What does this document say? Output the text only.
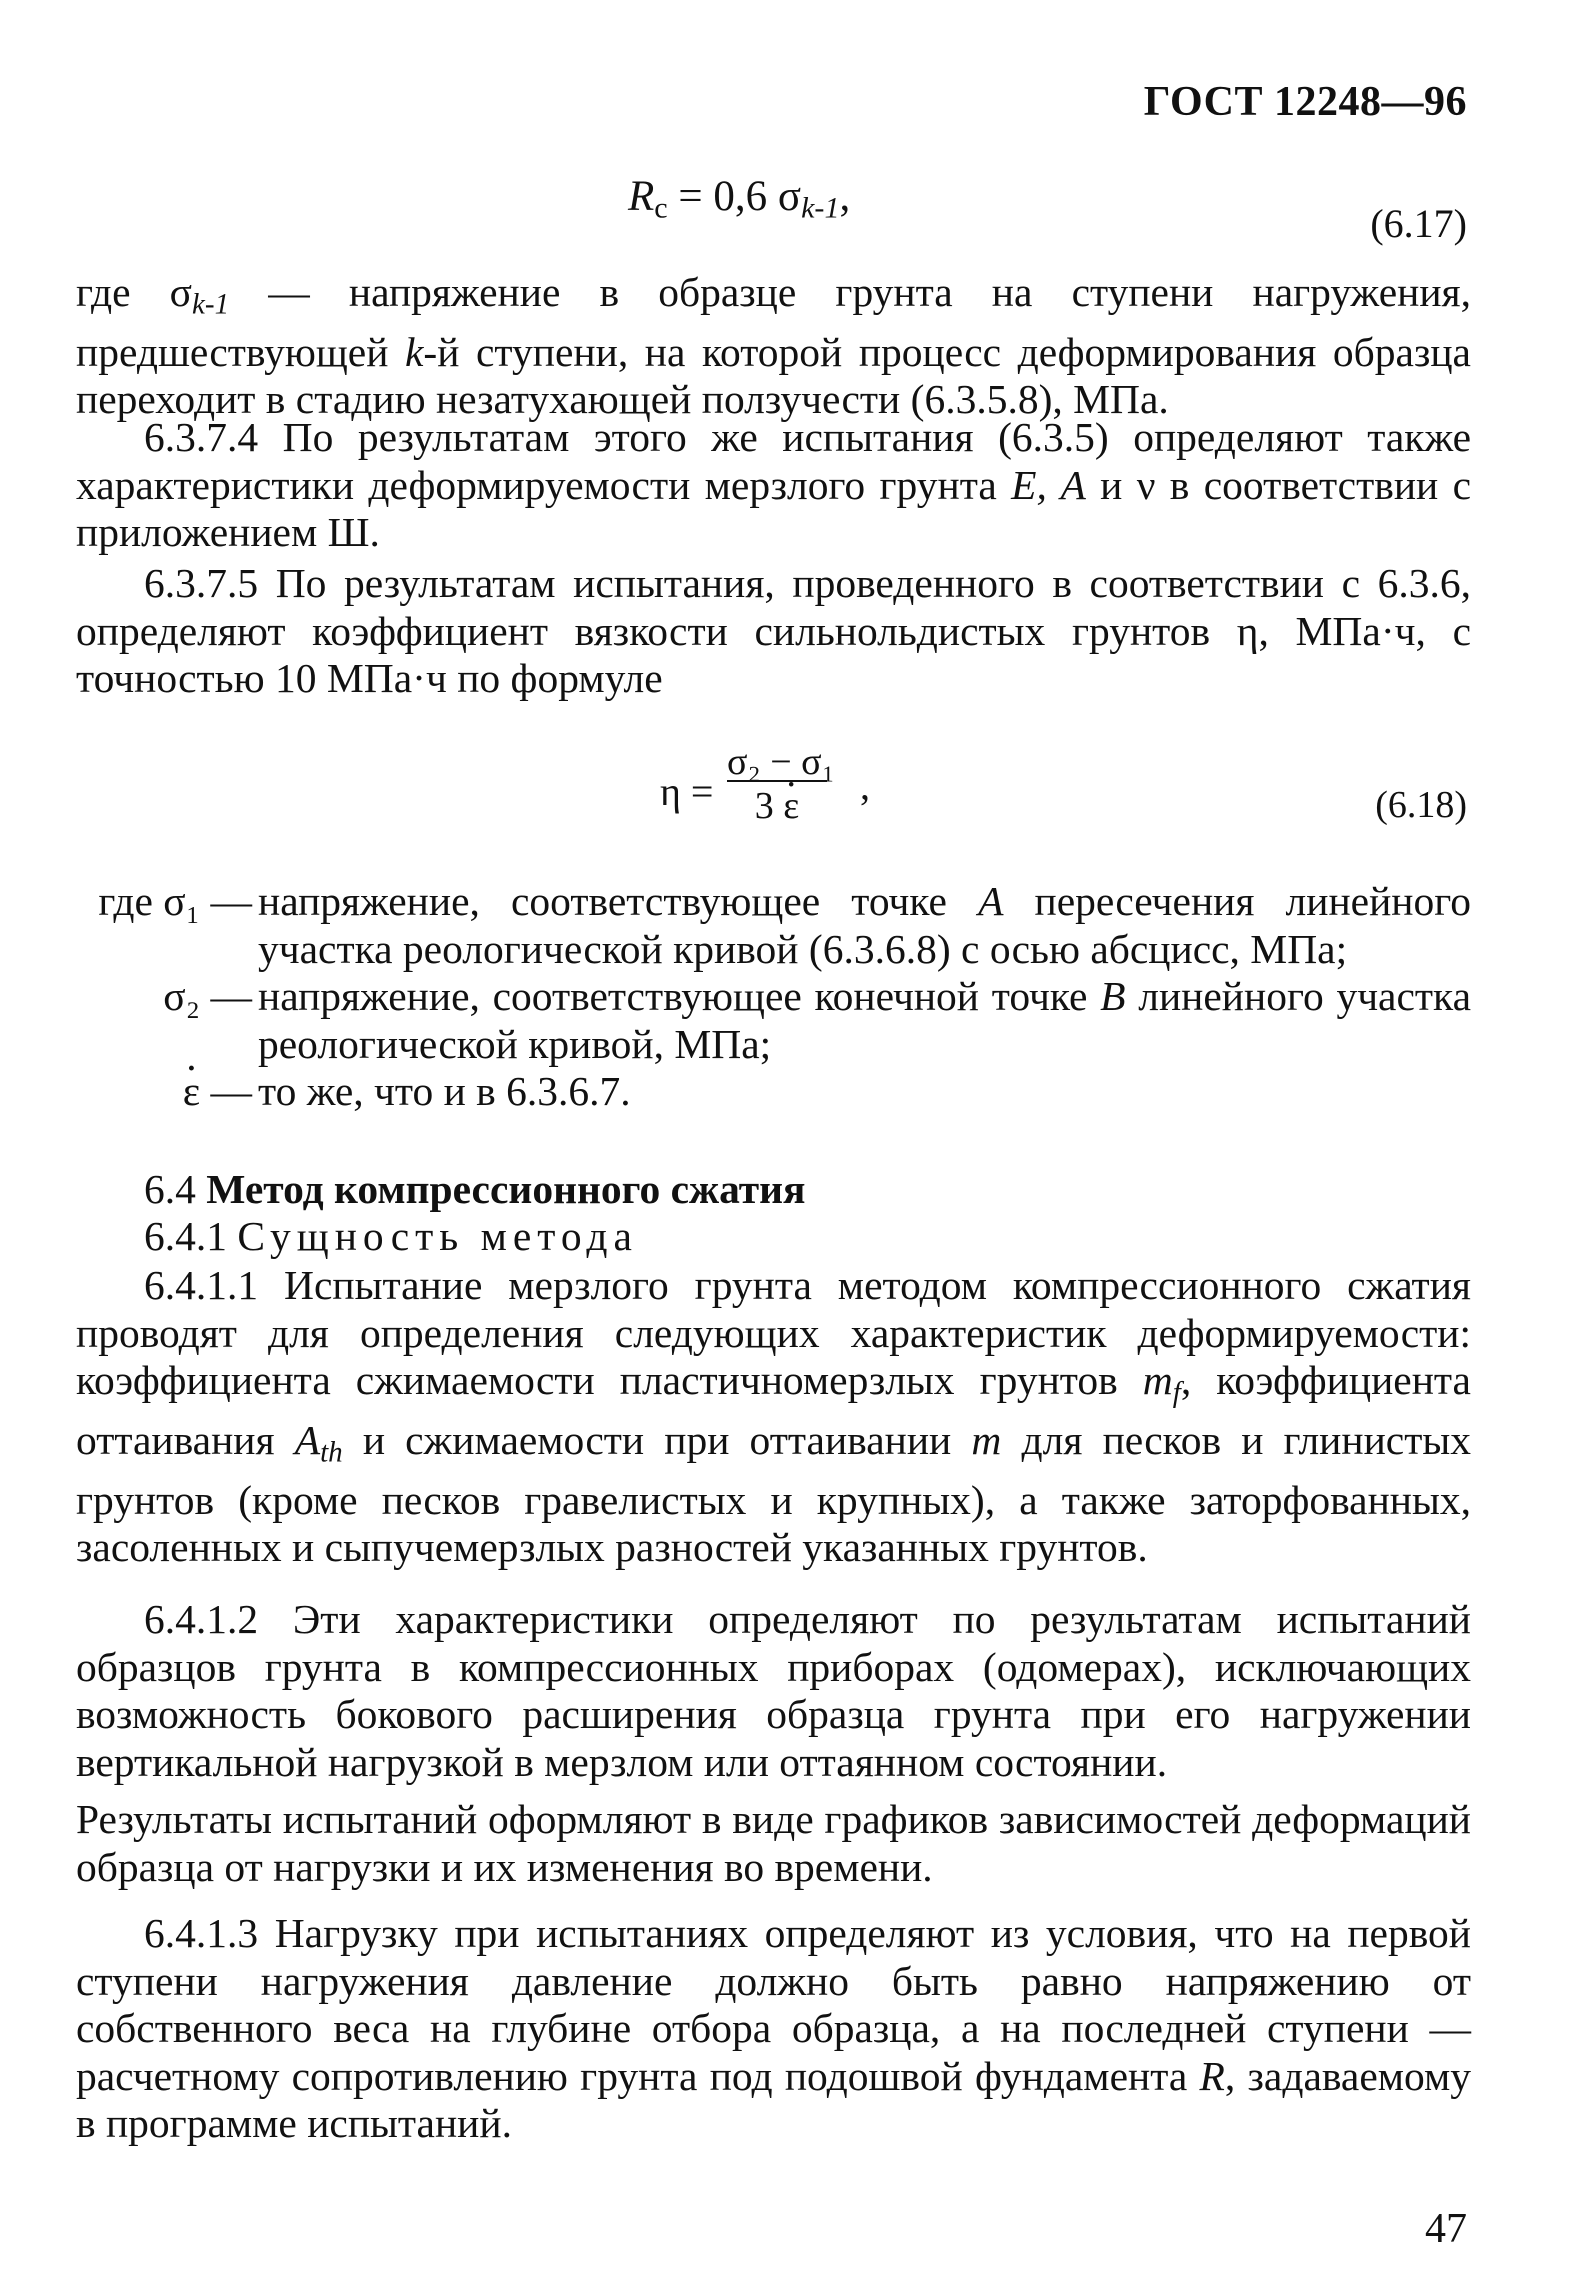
ГОСТ 12248—96
$R_c = 0,6$ $\sigma_{k-1}$,
(6.17)
где $\sigma_{k-1}$ — напряжение в образце грунта на ступени нагружения, предшествующей k-й ступени, на которой процесс деформирования образца переходит в стадию незатухающей ползучести (6.3.5.8), МПа.
6.3.7.4 По результатам этого же испытания (6.3.5) определяют также характеристики деформируемости мерзлого грунта E, A и ν в соответствии с приложением Ш.
6.3.7.5 По результатам испытания, проведенного в соответствии с 6.3.6, определяют коэффициент вязкости сильнольдистых грунтов η, МПа·ч, с точностью 10 МПа·ч по формуле
η =
σ₂ − σ₁
3 · ε	,	(6.18)
где σ₁ — напряжение, соответствующее точке A пересечения линейного участка реологической кривой (6.3.6.8) с осью абсцисс, МПа;
σ₂ — напряжение, соответствующее конечной точке B линейного участка реологической кривой, МПа;
· ε — то же, что и в 6.3.6.7.
6.4 Метод компрессионного сжатия
6.4.1 Сущность метода
6.4.1.1 Испытание мерзлого грунта методом компрессионного сжатия проводят для определения следующих характеристик деформируемости: коэффициента сжимаемости пластичномерзлых грунтов $m_f$, коэффициента оттаивания $A_{th}$ и сжимаемости при оттаивании m для песков и глинистых грунтов (кроме песков гравелистых и крупных), а также заторфованных, засоленных и сыпучемерзлых разностей указанных грунтов.
6.4.1.2 Эти характеристики определяют по результатам испытаний образцов грунта в компрессионных приборах (одомерах), исключающих возможность бокового расширения образца грунта при его нагружении вертикальной нагрузкой в мерзлом или оттаянном состоянии.
Результаты испытаний оформляют в виде графиков зависимостей деформаций образца от нагрузки и их изменения во времени.
6.4.1.3 Нагрузку при испытаниях определяют из условия, что на первой ступени нагружения давление должно быть равно напряжению от собственного веса на глубине отбора образца, а на последней ступени — расчетному сопротивлению грунта под подошвой фундамента R, задаваемому в программе испытаний.
47
